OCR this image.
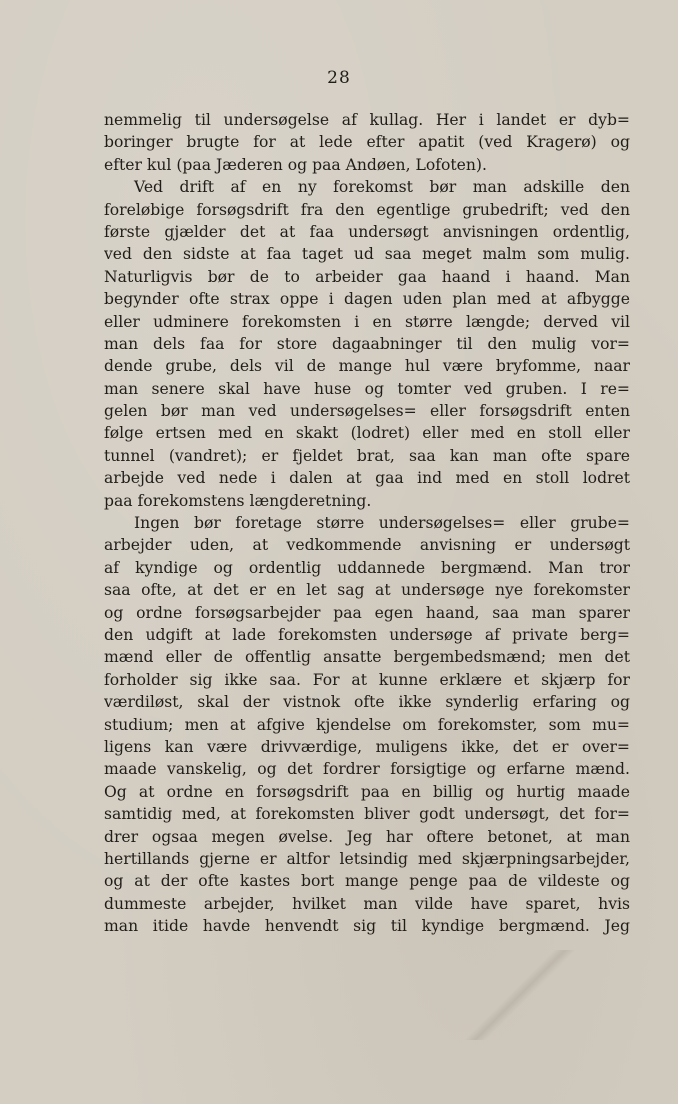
28
nemmelig til undersøgelse af kullag. Her i landet er dyb=
boringer brugte for at lede efter apatit (ved Kragerø) og
efter kul (paa Jæderen og paa Andøen, Lofoten).
Ved drift af en ny forekomst bør man adskille den
foreløbige forsøgsdrift fra den egentlige grubedrift; ved den
første gjælder det at faa undersøgt anvisningen ordentlig,
ved den sidste at faa taget ud saa meget malm som mulig.
Naturligvis bør de to arbeider gaa haand i haand. Man
begynder ofte strax oppe i dagen uden plan med at afbygge
eller udminere forekomsten i en større længde; derved vil
man dels faa for store dagaabninger til den mulig vor=
dende grube, dels vil de mange hul være bryfomme, naar
man senere skal have huse og tomter ved gruben. I re=
gelen bør man ved undersøgelses= eller forsøgsdrift enten
følge ertsen med en skakt (lodret) eller med en stoll eller
tunnel (vandret); er fjeldet brat, saa kan man ofte spare
arbejde ved nede i dalen at gaa ind med en stoll lodret
paa forekomstens længderetning.
Ingen bør foretage større undersøgelses= eller grube=
arbejder uden, at vedkommende anvisning er undersøgt
af kyndige og ordentlig uddannede bergmænd. Man tror
saa ofte, at det er en let sag at undersøge nye forekomster
og ordne forsøgsarbejder paa egen haand, saa man sparer
den udgift at lade forekomsten undersøge af private berg=
mænd eller de offentlig ansatte bergembedsmænd; men det
forholder sig ikke saa. For at kunne erklære et skjærp for
værdiløst, skal der vistnok ofte ikke synderlig erfaring og
studium; men at afgive kjendelse om forekomster, som mu=
ligens kan være drivværdige, muligens ikke, det er over=
maade vanskelig, og det fordrer forsigtige og erfarne mænd.
Og at ordne en forsøgsdrift paa en billig og hurtig maade
samtidig med, at forekomsten bliver godt undersøgt, det for=
drer ogsaa megen øvelse. Jeg har oftere betonet, at man
hertillands gjerne er altfor letsindig med skjærpningsarbejder,
og at der ofte kastes bort mange penge paa de vildeste og
dummeste arbejder, hvilket man vilde have sparet, hvis
man itide havde henvendt sig til kyndige bergmænd. Jeg
